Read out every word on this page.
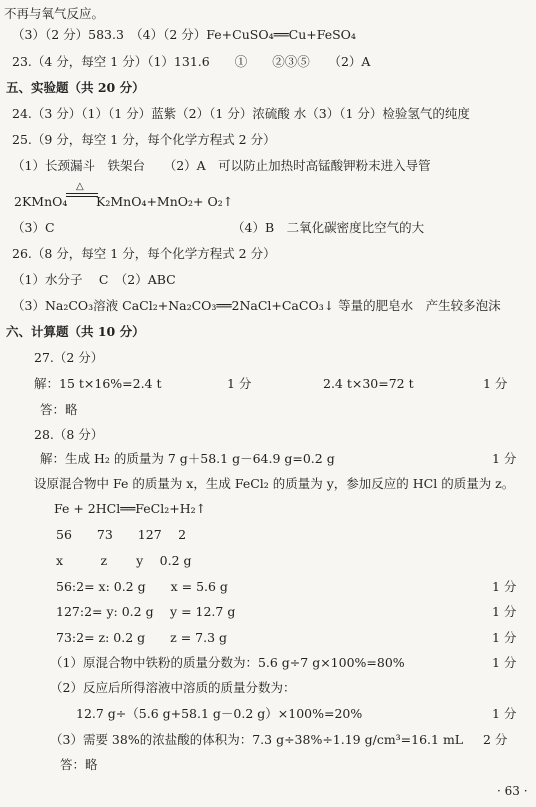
不再与氧气反应。
（3）（2 分）583.3　（4）（2 分）Fe+CuSO₄══Cu+FeSO₄
23.（4 分，每空 1 分）（1）131.6　　①　　②③⑤　　（2）A
五、实验题（共 20 分）
24.（3 分）（1）（1 分）蓝紫（2）（1 分）浓硫酸 水（3）（1 分）检验氢气的纯度
25.（9 分，每空 1 分，每个化学方程式 2 分）
（1）长颈漏斗　铁架台　　（2）A　可以防止加热时高锰酸钾粉末进入导管
2KMnO₄ K₂MnO₄+MnO₂+ O₂↑
（3）C	（4）B　二氧化碳密度比空气的大
26.（8 分，每空 1 分，每个化学方程式 2 分）
（1）水分子　 C　（2）ABC
（3）Na₂CO₃溶液 CaCl₂+Na₂CO₃══2NaCl+CaCO₃↓ 等量的肥皂水　产生较多泡沫
六、计算题（共 10 分）
27.（2 分）
解：15 t×16%=2.4 t	1 分	2.4 t×30=72 t	1 分
答：略
28.（8 分）
解：生成 H₂ 的质量为 7 g＋58.1 g－64.9 g=0.2 g	1 分
设原混合物中 Fe 的质量为 x，生成 FeCl₂ 的质量为 y，参加反应的 HCl 的质量为 z。
Fe + 2HCl══FeCl₂+H₂↑
56　　73　　127　 2
x　　　z　　 y　 0.2 g
56:2= x: 0.2 g　　x = 5.6 g	1 分
127:2= y: 0.2 g　 y = 12.7 g	1 分
73:2= z: 0.2 g　　z = 7.3 g	1 分
（1）原混合物中铁粉的质量分数为：5.6 g÷7 g×100%=80%	1 分
（2）反应后所得溶液中溶质的质量分数为：
12.7 g÷（5.6 g+58.1 g－0.2 g）×100%=20%	1 分
（3）需要 38%的浓盐酸的体积为：7.3 g÷38%÷1.19 g/cm³=16.1 mL 2 分
答：略
△
· 63 ·
